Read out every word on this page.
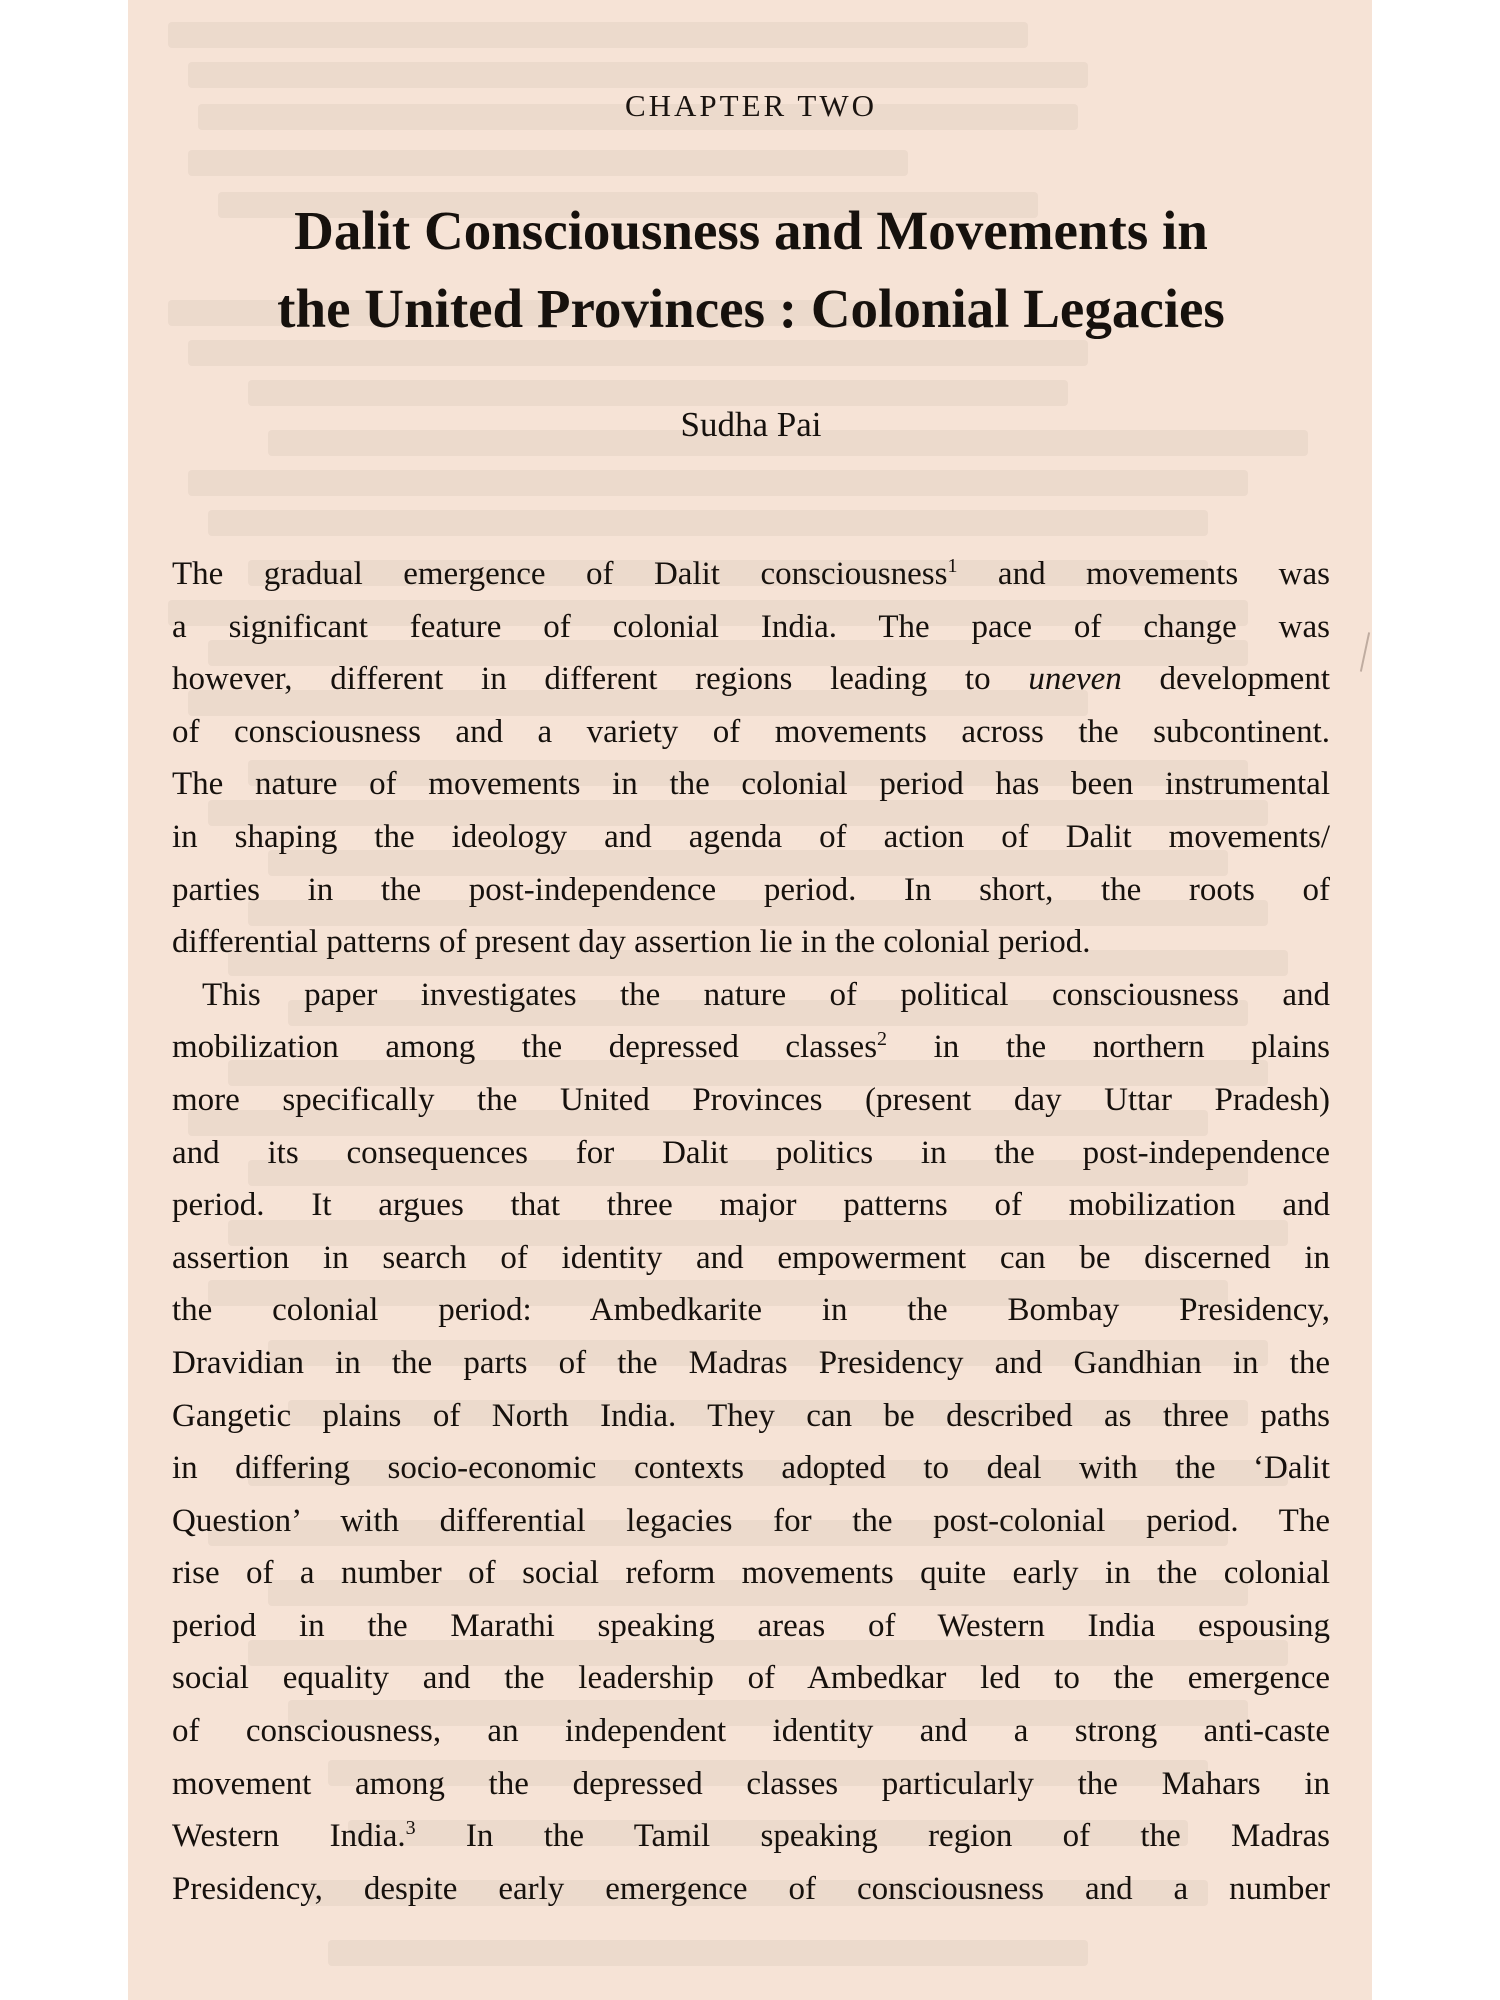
CHAPTER TWO
Dalit Consciousness and Movements in
the United Provinces : Colonial Legacies
Sudha Pai
The gradual emergence of Dalit consciousness$^1$ and movements was
a significant feature of colonial India. The pace of change was
however, different in different regions leading to uneven development
of consciousness and a variety of movements across the subcontinent.
The nature of movements in the colonial period has been instrumental
in shaping the ideology and agenda of action of Dalit movements/
parties in the post-independence period. In short, the roots of
differential patterns of present day assertion lie in the colonial period.
This paper investigates the nature of political consciousness and
mobilization among the depressed classes$^2$ in the northern plains
more specifically the United Provinces (present day Uttar Pradesh)
and its consequences for Dalit politics in the post-independence
period. It argues that three major patterns of mobilization and
assertion in search of identity and empowerment can be discerned in
the colonial period: Ambedkarite in the Bombay Presidency,
Dravidian in the parts of the Madras Presidency and Gandhian in the
Gangetic plains of North India. They can be described as three paths
in differing socio-economic contexts adopted to deal with the ‘Dalit
Question’ with differential legacies for the post-colonial period. The
rise of a number of social reform movements quite early in the colonial
period in the Marathi speaking areas of Western India espousing
social equality and the leadership of Ambedkar led to the emergence
of consciousness, an independent identity and a strong anti-caste
movement among the depressed classes particularly the Mahars in
Western India.$^3$ In the Tamil speaking region of the Madras
Presidency, despite early emergence of consciousness and a number
